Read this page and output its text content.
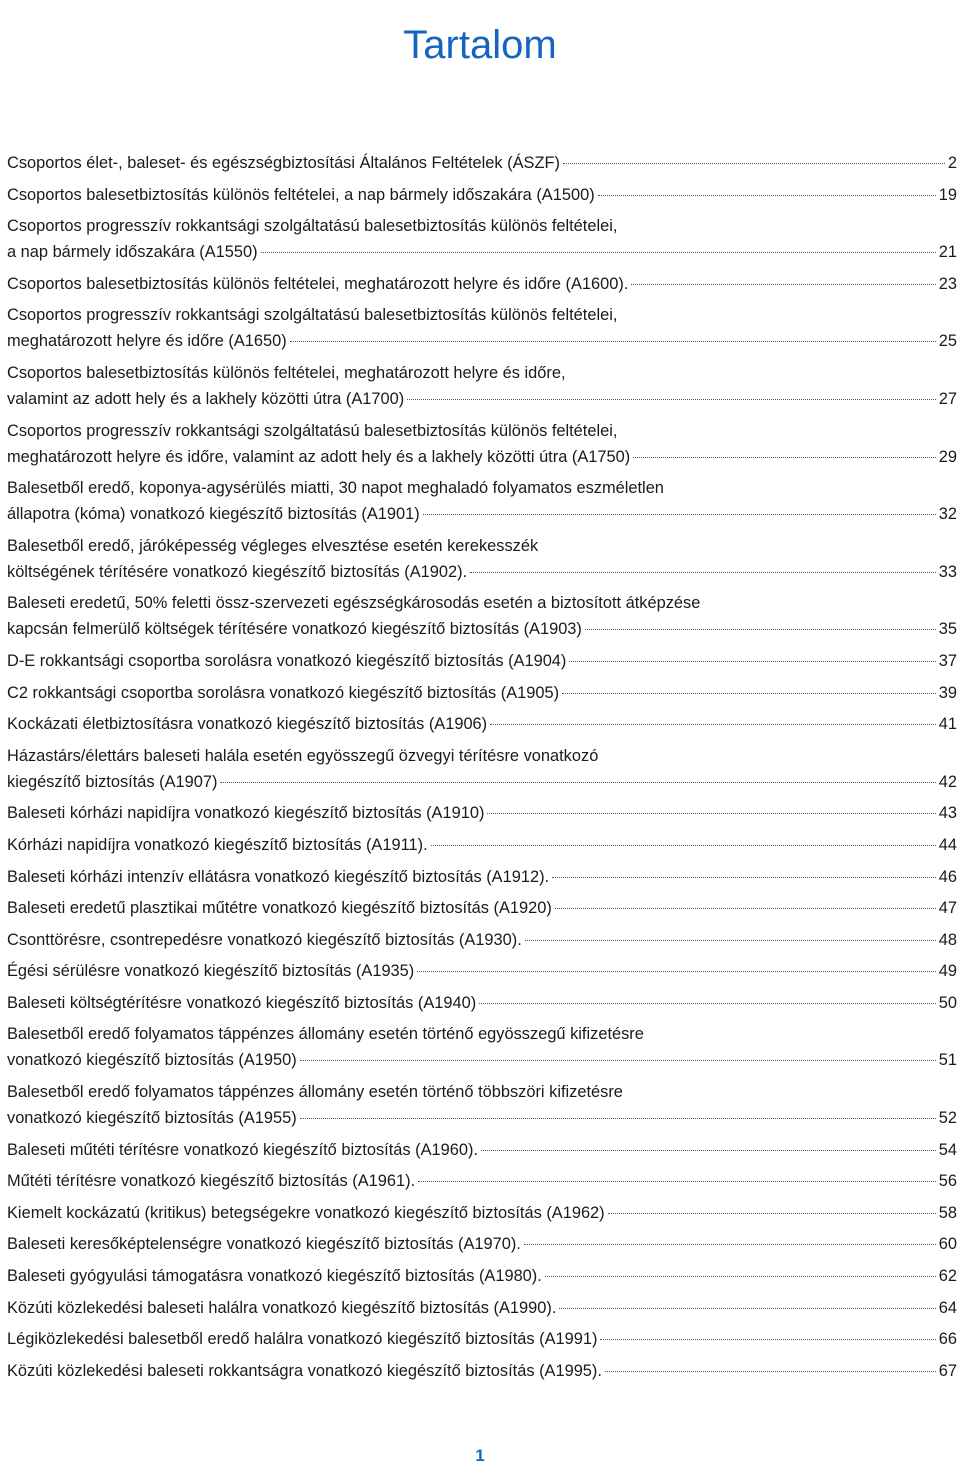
Tartalom
Csoportos élet-, baleset- és egészségbiztosítási Általános Feltételek (ÁSZF)	2
Csoportos balesetbiztosítás különös feltételei, a nap bármely időszakára (A1500)	19
Csoportos progresszív rokkantsági szolgáltatású balesetbiztosítás különös feltételei,
a nap bármely időszakára (A1550)	21
Csoportos balesetbiztosítás különös feltételei, meghatározott helyre és időre (A1600).	23
Csoportos progresszív rokkantsági szolgáltatású balesetbiztosítás különös feltételei,
meghatározott helyre és időre (A1650)	25
Csoportos balesetbiztosítás különös feltételei, meghatározott helyre és időre,
valamint az adott hely és a lakhely közötti útra (A1700)	27
Csoportos progresszív rokkantsági szolgáltatású balesetbiztosítás különös feltételei,
meghatározott helyre és időre, valamint az adott hely és a lakhely közötti útra (A1750)	29
Balesetből eredő, koponya-agysérülés miatti, 30 napot meghaladó folyamatos eszméletlen
állapotra (kóma) vonatkozó kiegészítő biztosítás (A1901)	32
Balesetből eredő, járóképesség végleges elvesztése esetén kerekesszék
költségének térítésére vonatkozó kiegészítő biztosítás (A1902).	33
Baleseti eredetű, 50% feletti össz-szervezeti egészségkárosodás esetén a biztosított átképzése
kapcsán felmerülő költségek térítésére vonatkozó kiegészítő biztosítás (A1903)	35
D-E rokkantsági csoportba sorolásra vonatkozó kiegészítő biztosítás (A1904)	37
C2 rokkantsági csoportba sorolásra vonatkozó kiegészítő biztosítás (A1905)	39
Kockázati életbiztosításra vonatkozó kiegészítő biztosítás (A1906)	41
Házastárs/élettárs baleseti halála esetén egyösszegű özvegyi térítésre vonatkozó
kiegészítő biztosítás (A1907)	42
Baleseti kórházi napidíjra vonatkozó kiegészítő biztosítás (A1910)	43
Kórházi napidíjra vonatkozó kiegészítő biztosítás (A1911).	44
Baleseti kórházi intenzív ellátásra vonatkozó kiegészítő biztosítás (A1912).	46
Baleseti eredetű plasztikai műtétre vonatkozó kiegészítő biztosítás (A1920)	47
Csonttörésre, csontrepedésre vonatkozó kiegészítő biztosítás (A1930).	48
Égési sérülésre vonatkozó kiegészítő biztosítás (A1935)	49
Baleseti költségtérítésre vonatkozó kiegészítő biztosítás (A1940)	50
Balesetből eredő folyamatos táppénzes állomány esetén történő egyösszegű kifizetésre
vonatkozó kiegészítő biztosítás (A1950)	51
Balesetből eredő folyamatos táppénzes állomány esetén történő többszöri kifizetésre
vonatkozó kiegészítő biztosítás (A1955)	52
Baleseti műtéti térítésre vonatkozó kiegészítő biztosítás (A1960).	54
Műtéti térítésre vonatkozó kiegészítő biztosítás (A1961).	56
Kiemelt kockázatú (kritikus) betegségekre vonatkozó kiegészítő biztosítás (A1962)	58
Baleseti keresőképtelenségre vonatkozó kiegészítő biztosítás (A1970).	60
Baleseti gyógyulási támogatásra vonatkozó kiegészítő biztosítás (A1980).	62
Közúti közlekedési baleseti halálra vonatkozó kiegészítő biztosítás (A1990).	64
Légiközlekedési balesetből eredő halálra vonatkozó kiegészítő biztosítás (A1991)	66
Közúti közlekedési baleseti rokkantságra vonatkozó kiegészítő biztosítás (A1995).	67
1
